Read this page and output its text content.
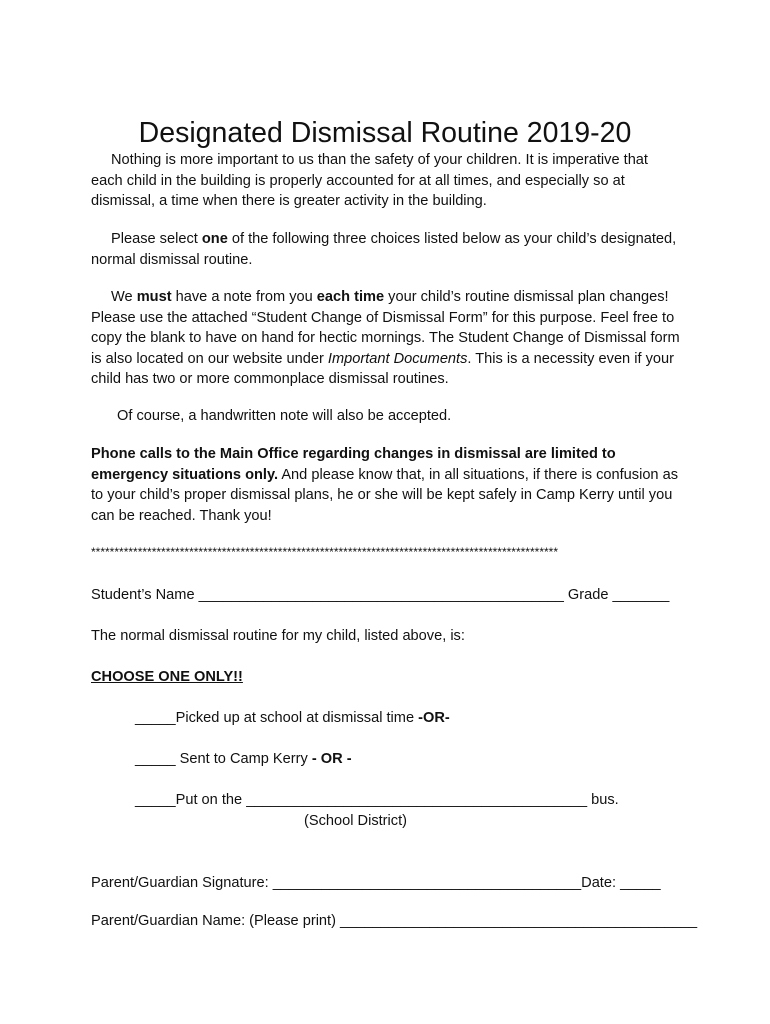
Designated Dismissal Routine 2019-20

Nothing is more important to us than the safety of your children. It is imperative that each child in the building is properly accounted for at all times, and especially so at dismissal, a time when there is greater activity in the building.

Please select one of the following three choices listed below as your child’s designated, normal dismissal routine.

We must have a note from you each time your child’s routine dismissal plan changes! Please use the attached “Student Change of Dismissal Form” for this purpose. Feel free to copy the blank to have on hand for hectic mornings. The Student Change of Dismissal form is also located on our website under Important Documents. This is a necessity even if your child has two or more commonplace dismissal routines.

Of course, a handwritten note will also be accepted.

Phone calls to the Main Office regarding changes in dismissal are limited to emergency situations only. And please know that, in all situations, if there is confusion as to your child’s proper dismissal plans, he or she will be kept safely in Camp Kerry until you can be reached. Thank you!

****************************************************************************************************
Student’s Name _____________________________________________ Grade _______
The normal dismissal routine for my child, listed above, is:
CHOOSE ONE ONLY!!
_____Picked up at school at dismissal time -OR-
_____ Sent to Camp Kerry - OR -
_____Put on the __________________________________________ bus.
(School District)
Parent/Guardian Signature: ______________________________________Date: _____
Parent/Guardian Name: (Please print) ____________________________________________
